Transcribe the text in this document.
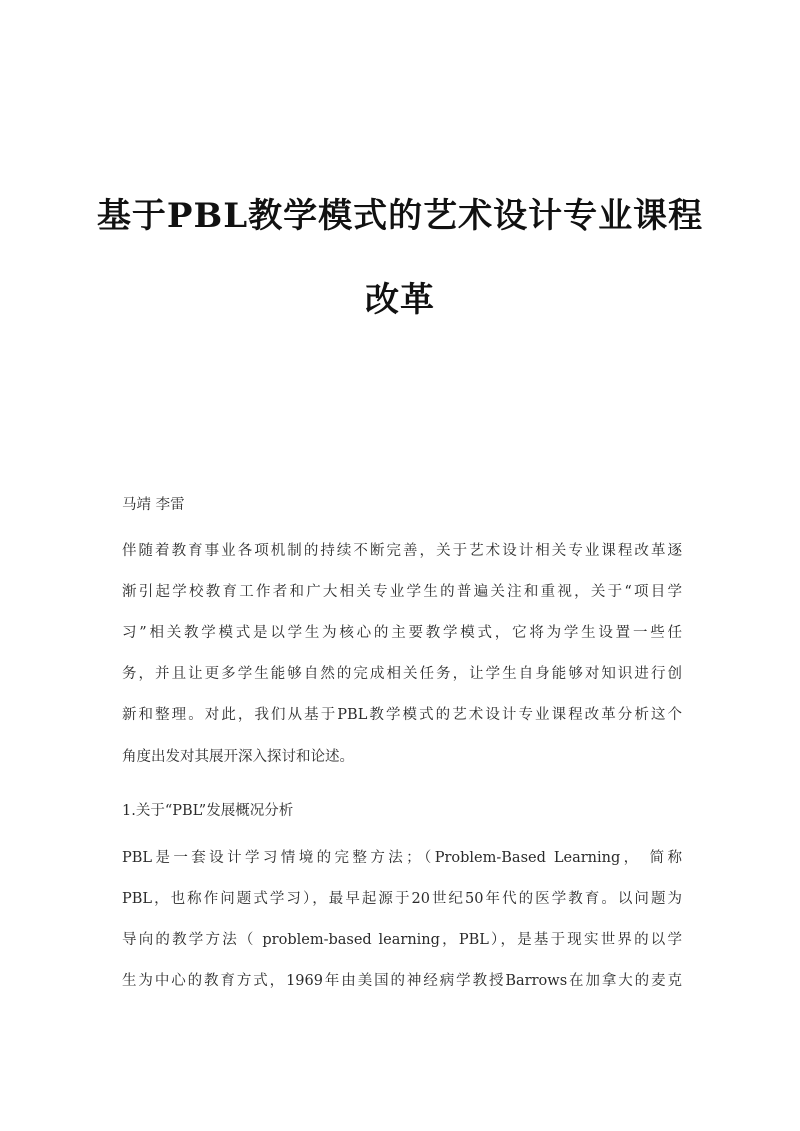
基于PBL教学模式的艺术设计专业课程
改革
马靖 李雷
伴随着教育事业各项机制的持续不断完善，关于艺术设计相关专业课程改革逐
渐引起学校教育工作者和广大相关专业学生的普遍关注和重视，关于“项目学
习”相关教学模式是以学生为核心的主要教学模式，它将为学生设置一些任
务，并且让更多学生能够自然的完成相关任务，让学生自身能够对知识进行创
新和整理。对此，我们从基于PBL教学模式的艺术设计专业课程改革分析这个
角度出发对其展开深入探讨和论述。
1.关于“PBL”发展概况分析
PBL是一套设计学习情境的完整方法；（Problem-Based Learning， 简称
PBL，也称作问题式学习），最早起源于20世纪50年代的医学教育。以问题为
导向的教学方法（ problem-based learning，PBL），是基于现实世界的以学
生为中心的教育方式，1969年由美国的神经病学教授Barrows在加拿大的麦克
